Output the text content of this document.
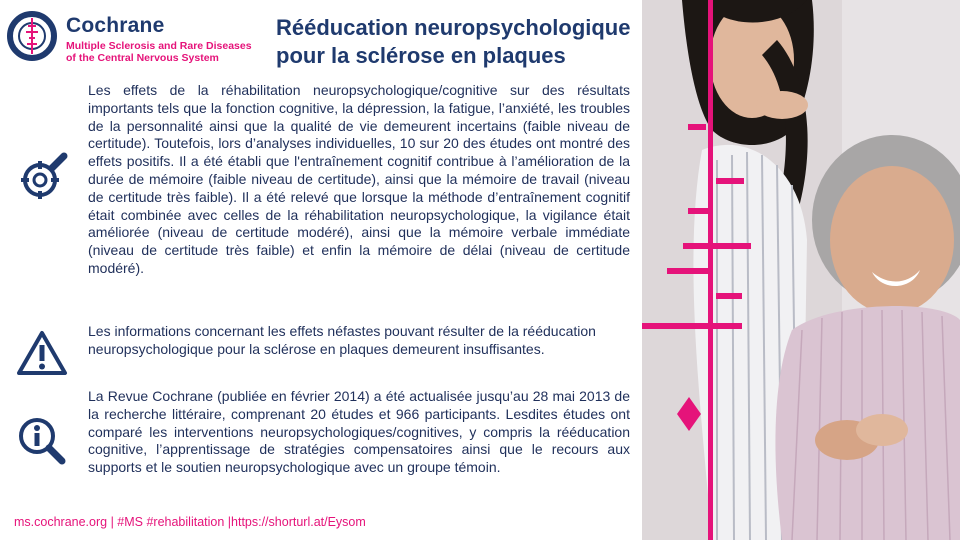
Cochrane
Multiple Sclerosis and Rare Diseases
of the Central Nervous System
Rééducation neuropsychologique
pour la sclérose en plaques
Les effets de la réhabilitation neuropsychologique/cognitive sur des résultats importants tels que la fonction cognitive, la dépression, la fatigue, l’anxiété, les troubles de la personnalité ainsi que la qualité de vie demeurent incertains (faible niveau de certitude). Toutefois, lors d’analyses individuelles, 10 sur 20 des études ont montré des effets positifs. Il a été établi que l'entraînement cognitif contribue à l’amélioration de la durée de mémoire (faible niveau de certitude), ainsi que la mémoire de travail (niveau de certitude très faible). Il a été relevé que lorsque la méthode d’entraînement cognitif était combinée avec celles de la réhabilitation neuropsychologique, la vigilance était améliorée (niveau de certitude modéré), ainsi que la mémoire verbale immédiate (niveau de certitude très faible) et enfin la mémoire de délai (niveau de certitude modéré).
Les informations concernant les effets néfastes pouvant résulter de la rééducation neuropsychologique pour la sclérose en plaques demeurent insuffisantes.
La Revue Cochrane (publiée en février 2014) a été actualisée jusqu’au 28 mai 2013 de la recherche littéraire, comprenant 20 études et 966 participants. Lesdites études ont comparé les interventions neuropsychologiques/cognitives, y compris la rééducation cognitive, l’apprentissage de stratégies compensatoires ainsi que le recours aux supports et le soutien neuropsychologique avec un groupe témoin.
ms.cochrane.org | #MS #rehabilitation |https://shorturl.at/Eysom
